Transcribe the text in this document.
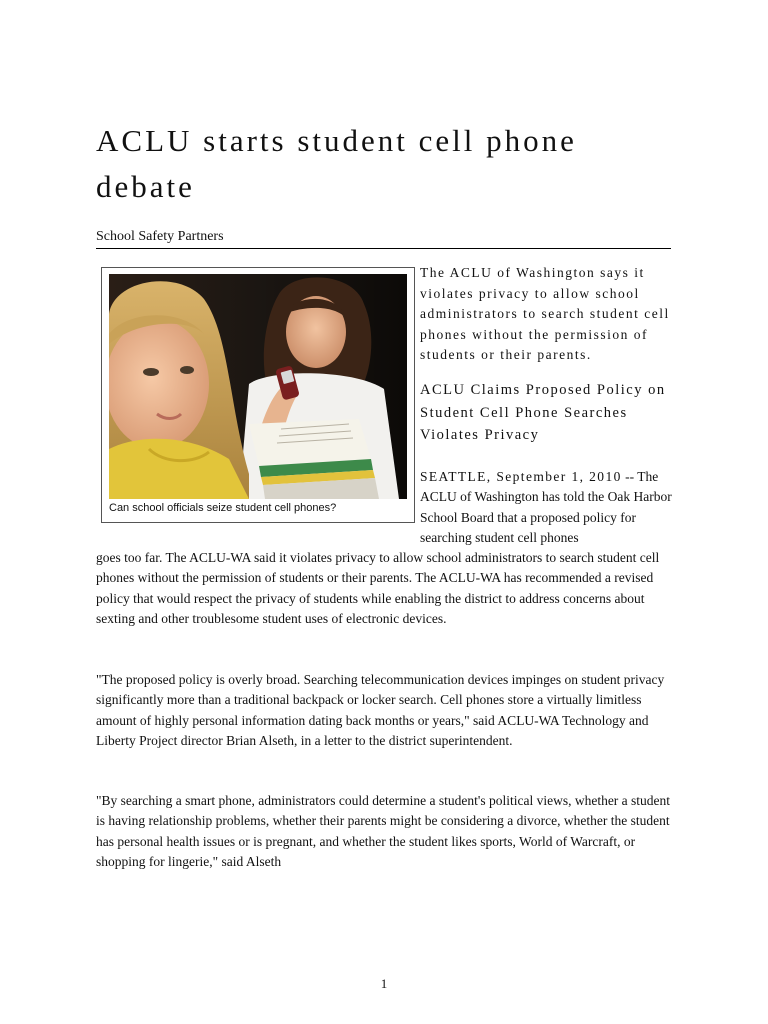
ACLU starts student cell phone debate
School Safety Partners
Can school officials seize student cell phones?
The ACLU of Washington says it violates privacy to allow school administrators to search student cell phones without the permission of students or their parents.
ACLU Claims Proposed Policy on Student Cell Phone Searches Violates Privacy
SEATTLE, September 1, 2010 -- The ACLU of Washington has told the Oak Harbor School Board that a proposed policy for searching student cell phones
goes too far. The ACLU-WA said it violates privacy to allow school administrators to search student cell phones without the permission of students or their parents. The ACLU-WA has recommended a revised policy that would respect the privacy of students while enabling the district to address concerns about sexting and other troublesome student uses of electronic devices.
"The proposed policy is overly broad. Searching telecommunication devices impinges on student privacy significantly more than a traditional backpack or locker search. Cell phones store a virtually limitless amount of highly personal information dating back months or years," said ACLU-WA Technology and Liberty Project director Brian Alseth, in a letter to the district superintendent.
"By searching a smart phone, administrators could determine a student's political views, whether a student is having relationship problems, whether their parents might be considering a divorce, whether the student has personal health issues or is pregnant, and whether the student likes sports, World of Warcraft, or shopping for lingerie," said Alseth
1
